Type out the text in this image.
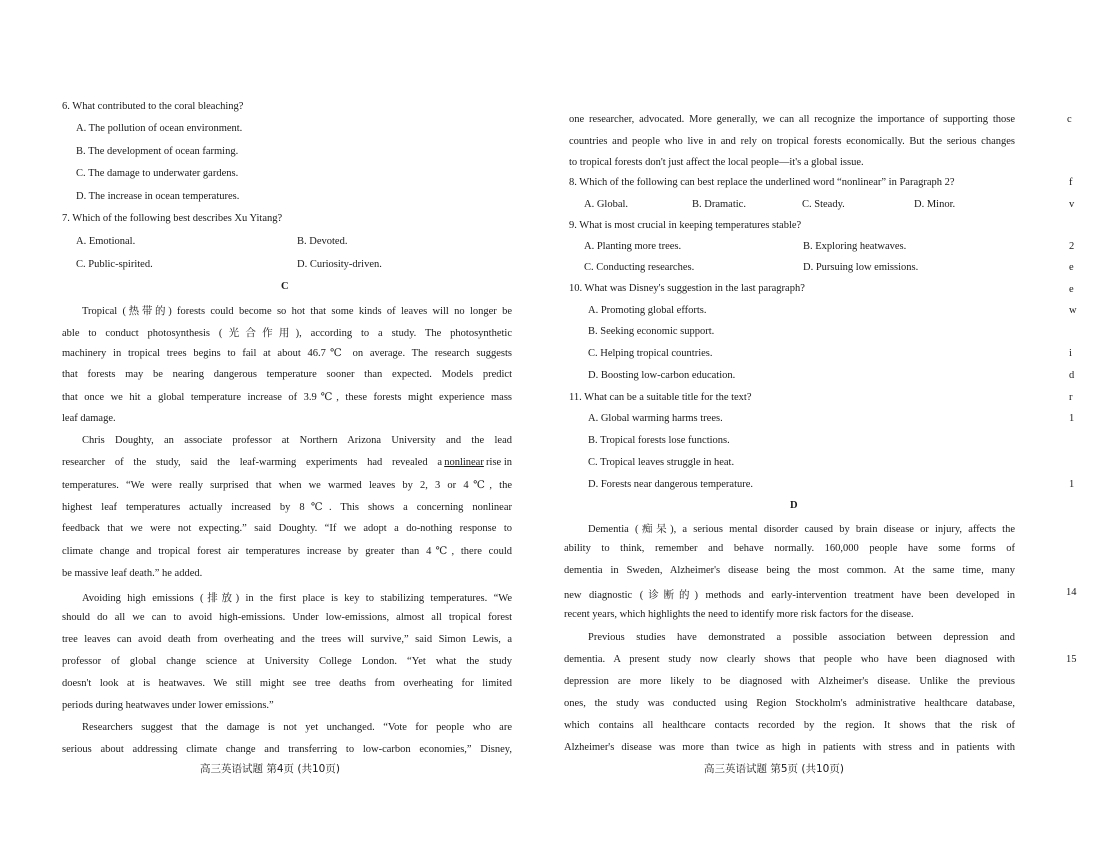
6. What contributed to the coral bleaching?
A. The pollution of ocean environment.
B. The development of ocean farming.
C. The damage to underwater gardens.
D. The increase in ocean temperatures.
7. Which of the following best describes Xu Yitang?
A. Emotional.	B. Devoted.
C. Public-spirited.	D. Curiosity-driven.
C
Tropical (热带的) forests could become so hot that some kinds of leaves will no longer be
able to conduct photosynthesis (光合作用), according to a study. The photosynthetic
machinery in tropical trees begins to fail at about 46.7℃ on average. The research suggests
that forests may be nearing dangerous temperature sooner than expected. Models predict
that once we hit a global temperature increase of 3.9℃, these forests might experience mass
leaf damage.
Chris Doughty, an associate professor at Northern Arizona University and the lead
researcher of the study, said the leaf-warming experiments had revealed a nonlinear rise in
temperatures. “We were really surprised that when we warmed leaves by 2, 3 or 4℃, the
highest leaf temperatures actually increased by 8℃. This shows a concerning nonlinear
feedback that we were not expecting.” said Doughty. “If we adopt a do-nothing response to
climate change and tropical forest air temperatures increase by greater than 4℃, there could
be massive leaf death.” he added.
Avoiding high emissions (排放) in the first place is key to stabilizing temperatures. “We
should do all we can to avoid high-emissions. Under low-emissions, almost all tropical forest
tree leaves can avoid death from overheating and the trees will survive,” said Simon Lewis, a
professor of global change science at University College London. “Yet what the study
doesn't look at is heatwaves. We still might see tree deaths from overheating for limited
periods during heatwaves under lower emissions.”
Researchers suggest that the damage is not yet unchanged. “Vote for people who are
serious about addressing climate change and transferring to low-carbon economies,” Disney,
高三英语试题 第4页 (共10页)
one researcher, advocated. More generally, we can all recognize the importance of supporting those
countries and people who live in and rely on tropical forests economically. But the serious changes
to tropical forests don't just affect the local people—it's a global issue.
8. Which of the following can best replace the underlined word “nonlinear” in Paragraph 2?
A. Global.	B. Dramatic.	C. Steady.	D. Minor.
9. What is most crucial in keeping temperatures stable?
A. Planting more trees.	B. Exploring heatwaves.
C. Conducting researches.	D. Pursuing low emissions.
10. What was Disney's suggestion in the last paragraph?
A. Promoting global efforts.
B. Seeking economic support.
C. Helping tropical countries.
D. Boosting low-carbon education.
11. What can be a suitable title for the text?
A. Global warming harms trees.
B. Tropical forests lose functions.
C. Tropical leaves struggle in heat.
D. Forests near dangerous temperature.
D
Dementia (痴呆), a serious mental disorder caused by brain disease or injury, affects the
ability to think, remember and behave normally. 160,000 people have some forms of
dementia in Sweden, Alzheimer's disease being the most common. At the same time, many
new diagnostic (诊断的) methods and early-intervention treatment have been developed in
recent years, which highlights the need to identify more risk factors for the disease.
Previous studies have demonstrated a possible association between depression and
dementia. A present study now clearly shows that people who have been diagnosed with
depression are more likely to be diagnosed with Alzheimer's disease. Unlike the previous
ones, the study was conducted using Region Stockholm's administrative healthcare database,
which contains all healthcare contacts recorded by the region. It shows that the risk of
Alzheimer's disease was more than twice as high in patients with stress and in patients with
高三英语试题 第5页 (共10页)
c
f
v
2
e
e
w
i
d
r
1
1
14
15
